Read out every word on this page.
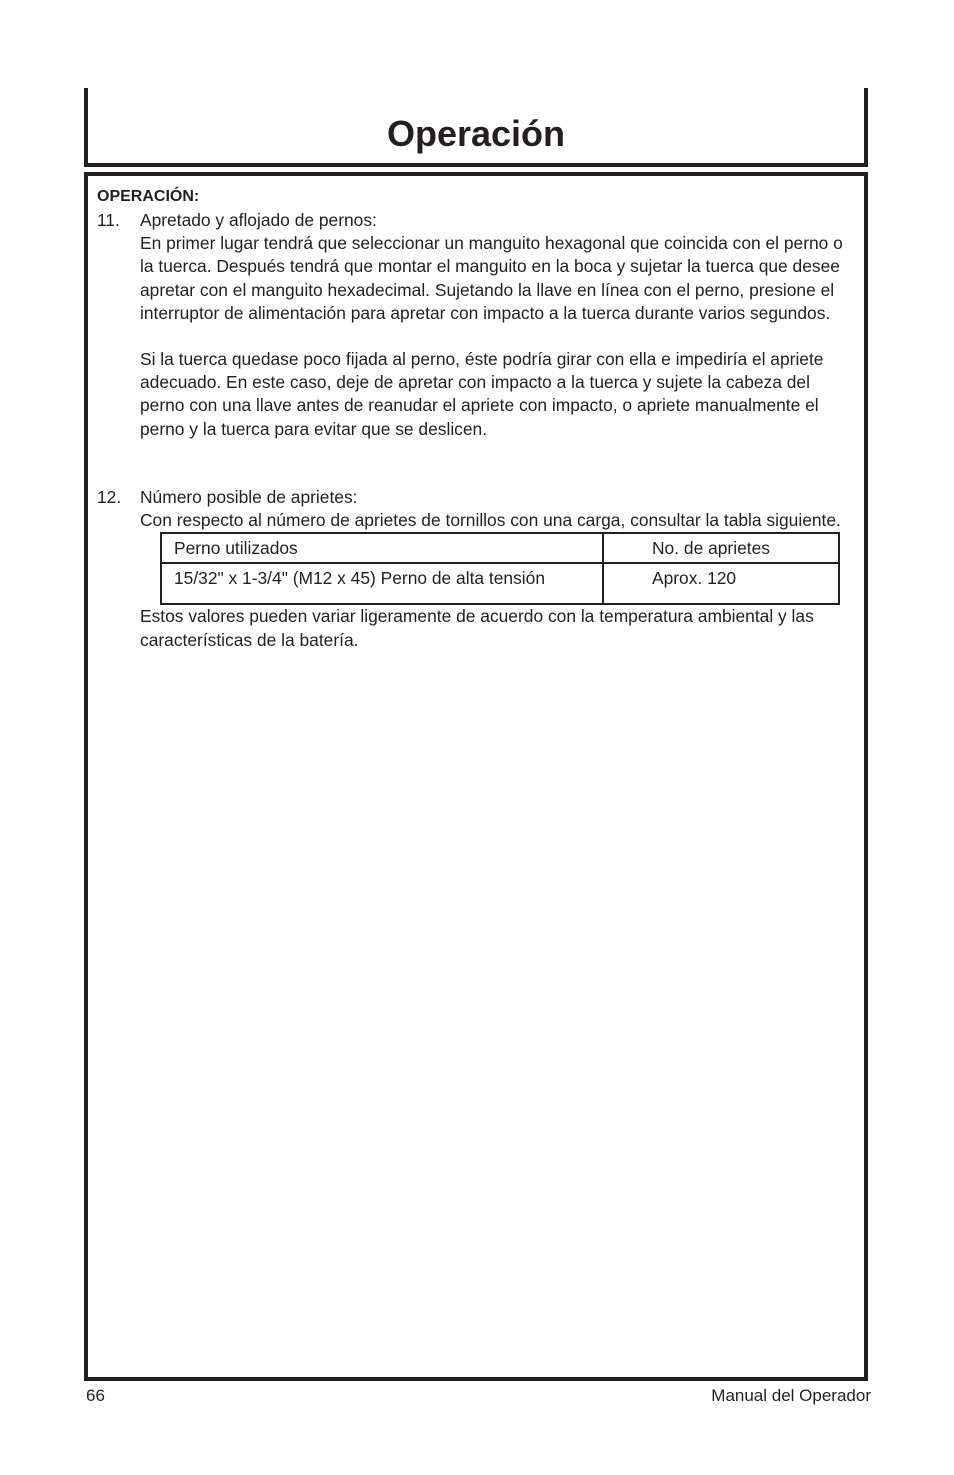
Operación
OPERACIÓN:
11. Apretado y aflojado de pernos:

En primer lugar tendrá que seleccionar un manguito hexagonal que coincida con el perno o la tuerca. Después tendrá que montar el manguito en la boca y sujetar la tuerca que desee apretar con el manguito hexadecimal. Sujetando la llave en línea con el perno, presione el interruptor de alimentación para apretar con impacto a la tuerca durante varios segundos.

Si la tuerca quedase poco fijada al perno, éste podría girar con ella e impediría el apriete adecuado. En este caso, deje de apretar con impacto a la tuerca y sujete la cabeza del perno con una llave antes de reanudar el apriete con impacto, o apriete manualmente el perno y la tuerca para evitar que se deslicen.

12. Número posible de aprietes:

Con respecto al número de aprietes de tornillos con una carga, consultar la tabla siguiente.

Perno utilizados	No. de aprietes
15/32" x 1-3/4" (M12 x 45) Perno de alta tensión	Aprox. 120

Estos valores pueden variar ligeramente de acuerdo con la temperatura ambiental y las características de la batería.

66	Manual del Operador
